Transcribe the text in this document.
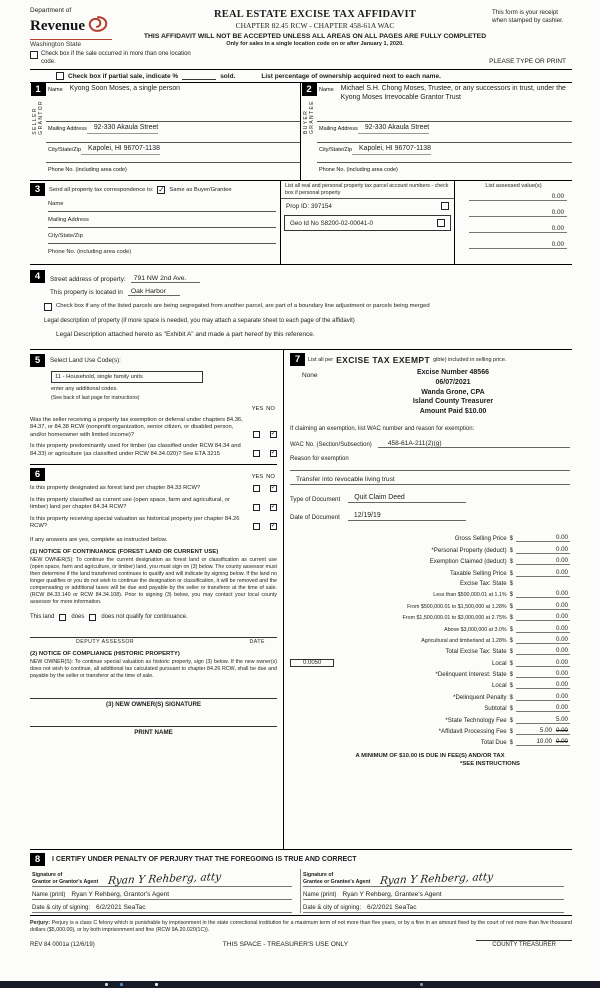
Department of
Revenue
Washington State
REAL ESTATE EXCISE TAX AFFIDAVIT
CHAPTER 82.45 RCW - CHAPTER 458-61A WAC
THIS AFFIDAVIT WILL NOT BE ACCEPTED UNLESS ALL AREAS ON ALL PAGES ARE FULLY COMPLETED
Only for sales in a single location code on or after January 1, 2020.
This form is your receipt when stamped by cashier.
Check box if the sale occurred in more than one location code.	PLEASE TYPE OR PRINT
Check box if partial sale, indicate %	sold.	List percentage of ownership acquired next to each name.
1
SELLER GRANTOR
Name	Kyong Soon Moses, a single person
Mailing Address	92-330 Akaula Street
City/State/Zip	Kapolei, HI 96707-1138
Phone No. (including area code)
2
BUYER GRANTEE
Name	Michael S.H. Chong Moses, Trustee, or any successors in trust, under the Kyong Moses Irrevocable Grantor Trust
Mailing Address	92-330 Akaula Street
City/State/Zip	Kapolei, HI 96707-1138
Phone No. (including area code)
3	Send all property tax correspondence to: ✓ Same as Buyer/Grantee
Name
Mailing Address
City/State/Zip
Phone No. (including area code)
List all real and personal property tax parcel account numbers - check box if personal property
Prop ID: 397154
Geo Id No S8200-02-00041-0
List assessed value(s)
0.00
0.00
0.00
0.00
4	Street address of property:	791 NW 2nd Ave.
This property is located in	Oak Harbor
Check box if any of the listed parcels are being segregated from another parcel, are part of a boundary line adjustment or parcels being merged
Legal description of property (if more space is needed, you may attach a separate sheet to each page of the affidavit)
Legal Description attached hereto as "Exhibit A" and made a part hereof by this reference.
5	Select Land Use Code(s):
11 - Household, single family units
enter any additional codes.
(See back of last page for instructions)
YES NO
Was the seller receiving a property tax exemption or deferral under chapters 84.36, 84.37, or 84.38 RCW (nonprofit organization, senior citizen, or disabled person, and/or homeowner with limited income)?	✓
Is this property predominantly used for timber (as classified under RCW 84.34 and 84.33) or agriculture (as classified under RCW 84.34.020)? See ETA 3215	✓
6	YES NO
Is this property designated as forest land per chapter 84.33 RCW?	✓
Is this property classified as current use (open space, farm and agricultural, or timber) land per chapter 84.34 RCW?	✓
Is this property receiving special valuation as historical property per chapter 84.26 RCW?	✓
If any answers are yes, complete as instructed below.
(1) NOTICE OF CONTINUANCE (FOREST LAND OR CURRENT USE)
NEW OWNER(S): To continue the current designation as forest land or classification as current use (open space, farm and agriculture, or timber) land, you must sign on (3) below. The county assessor must then determine if the land transferred continues to qualify and will indicate by signing below. If the land no longer qualifies or you do not wish to continue the designation or classification, it will be removed and the compensating or additional taxes will be due and payable by the seller or transferor at the time of sale. (RCW 84.33.140 or RCW 84.34.108). Prior to signing (3) below, you may contact your local county assessor for more information.
This land	does	does not qualify for continuance.
DEPUTY ASSESSOR	DATE
(2) NOTICE OF COMPLIANCE (HISTORIC PROPERTY)
NEW OWNER(S): To continue special valuation as historic property, sign (3) below. If the new owner(s) does not wish to continue, all additional tax calculated pursuant to chapter 84.26 RCW, shall be due and payable by the seller or transferor at the time of sale.
(3) NEW OWNER(S) SIGNATURE
PRINT NAME
7	List all per EXCISE TAX EXEMPT gible) included in selling price.
None	Excise Number 48566
06/07/2021
Wanda Grone, CPA
Island County Treasurer
Amount Paid $10.00
If claiming an exemption, list WAC number and reason for exemption:
WAC No. (Section/Subsection)	458-61A-211(2)(g)
Reason for exemption
Transfer into revocable living trust
Type of Document	Quit Claim Deed
Date of Document	12/19/19
Gross Selling Price $	0.00
*Personal Property (deduct) $	0.00
Exemption Claimed (deduct) $	0.00
Taxable Selling Price $	0.00
Excise Tax: State $
Less than $500,000.01 at 1.1% $	0.00
From $500,000.01 to $1,500,000 at 1.28% $	0.00
From $1,500,000.01 to $3,000,000 at 2.75% $	0.00
Above $3,000,000 at 3.0% $	0.00
Agricultural and timberland at 1.28% $	0.00
Total Excise Tax: State $	0.00
0.0050	Local $	0.00
*Delinquent Interest: State $	0.00
Local $	0.00
*Delinquent Penalty $	0.00
Subtotal $	0.00
*State Technology Fee $	5.00
*Affidavit Processing Fee $	5.00 0.00
Total Due $	10.00 0.00
A MINIMUM OF $10.00 IS DUE IN FEE(S) AND/OR TAX
*SEE INSTRUCTIONS
8	I CERTIFY UNDER PENALTY OF PERJURY THAT THE FOREGOING IS TRUE AND CORRECT
Signature of
Grantor or Grantor's Agent Ryan Y Rehberg, atty
Name (print) Ryan Y Rehberg, Grantor's Agent
Date & city of signing: 6/2/2021 SeaTac
Signature of
Grantee or Grantee's Agent Ryan Y Rehberg, atty
Name (print) Ryan Y Rehberg, Grantee's Agent
Date & city of signing: 6/2/2021 SeaTac
Perjury: Perjury is a class C felony which is punishable by imprisonment in the state correctional institution for a maximum term of not more than five years, or by a fine in an amount fixed by the court of not more than five thousand dollars ($5,000.00), or by both imprisonment and fine (RCW 9A.20.020(1C)).
REV 84 0001a (12/6/19)	THIS SPACE - TREASURER'S USE ONLY	COUNTY TREASURER
